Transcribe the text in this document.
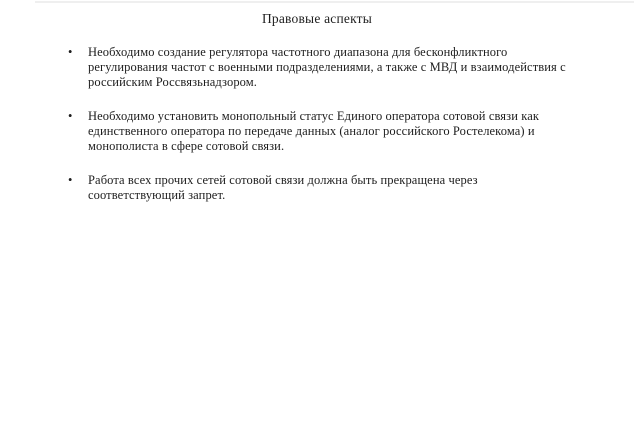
Правовые аспекты
•	Необходимо создание регулятора частотного диапазона для бесконфликтного регулирования частот с военными подразделениями, а также с МВД и взаимодействия с российским Россвязьнадзором.
•	Необходимо установить монопольный статус Единого оператора сотовой связи как единственного оператора по передаче данных (аналог российского Ростелекома) и монополиста в сфере сотовой связи.
•	Работа всех прочих сетей сотовой связи должна быть прекращена через соответствующий запрет.
